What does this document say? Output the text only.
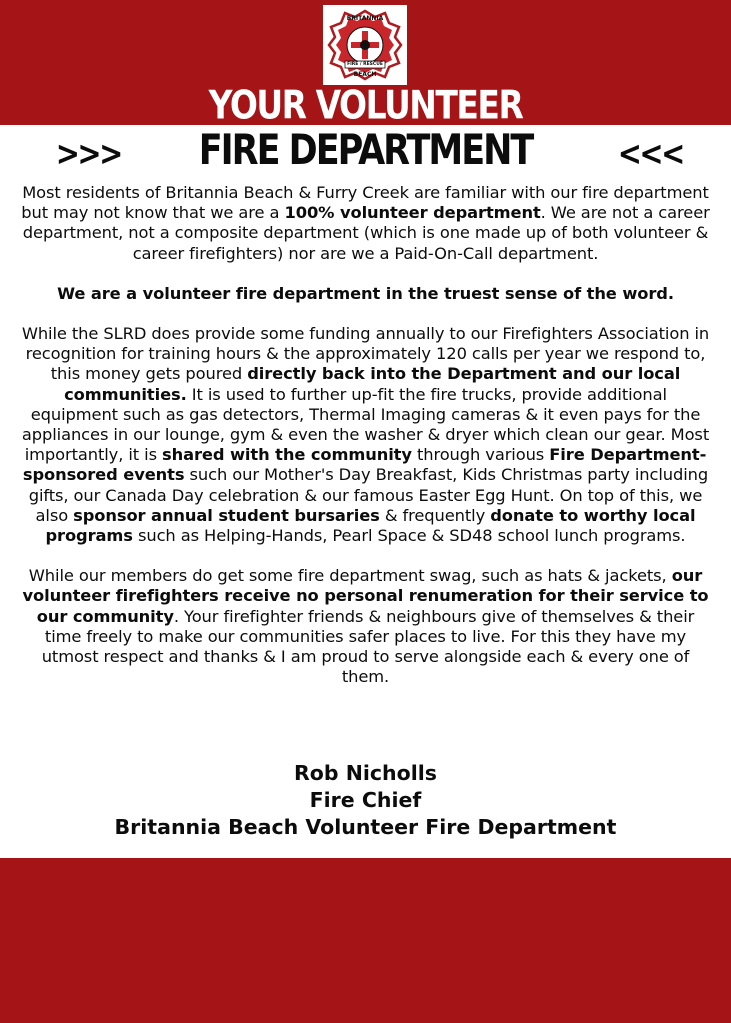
BRITANNIA
FIRE / RESCUE
BEACH
YOUR VOLUNTEER
>>>	FIRE DEPARTMENT	<<<

Most residents of Britannia Beach & Furry Creek are familiar with our fire department but may not know that we are a 100% volunteer department. We are not a career department, not a composite department (which is one made up of both volunteer & career firefighters) nor are we a Paid-On-Call department.

We are a volunteer fire department in the truest sense of the word.

While the SLRD does provide some funding annually to our Firefighters Association in recognition for training hours & the approximately 120 calls per year we respond to, this money gets poured directly back into the Department and our local communities. It is used to further up-fit the fire trucks, provide additional equipment such as gas detectors, Thermal Imaging cameras & it even pays for the appliances in our lounge, gym & even the washer & dryer which clean our gear. Most importantly, it is shared with the community through various Fire Department-sponsored events such our Mother's Day Breakfast, Kids Christmas party including gifts, our Canada Day celebration & our famous Easter Egg Hunt. On top of this, we also sponsor annual student bursaries & frequently donate to worthy local programs such as Helping-Hands, Pearl Space & SD48 school lunch programs.

While our members do get some fire department swag, such as hats & jackets, our volunteer firefighters receive no personal renumeration for their service to our community. Your firefighter friends & neighbours give of themselves & their time freely to make our communities safer places to live. For this they have my utmost respect and thanks & I am proud to serve alongside each & every one of them.

Rob Nicholls
Fire Chief
Britannia Beach Volunteer Fire Department
